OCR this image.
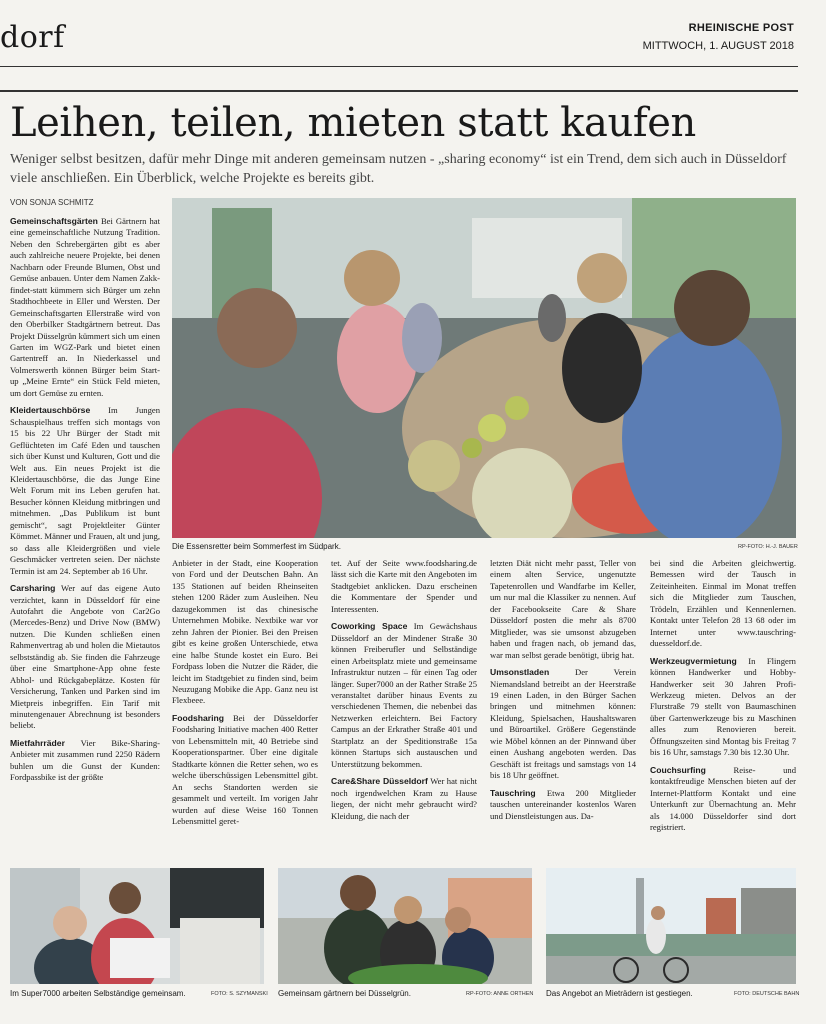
dorf	RHEINISCHE POST
MITTWOCH, 1. AUGUST 2018
Leihen, teilen, mieten statt kaufen
Weniger selbst besitzen, dafür mehr Dinge mit anderen gemeinsam nutzen - „sharing economy“ ist ein Trend, dem sich auch in Düsseldorf viele anschließen. Ein Überblick, welche Projekte es bereits gibt.
VON SONJA SCHMITZ

Gemeinschaftsgärten Bei Gärtnern hat eine gemeinschaftliche Nutzung Tradition. Neben den Schrebergärten gibt es aber auch zahlreiche neuere Projekte, bei denen Nachbarn oder Freunde Blumen, Obst und Gemüse anbauen. Unter dem Namen Zakk-findet-statt kümmern sich Bürger um zehn Stadthochbeete in Eller und Wersten. Der Gemeinschaftsgarten Ellerstraße wird von den Oberbilker Stadtgärtnern betreut. Das Projekt Düsselgrün kümmert sich um einen Garten im WGZ-Park und bietet einen Gartentreff an. In Niederkassel und Volmerswerth können Bürger beim Start-up „Meine Ernte“ ein Stück Feld mieten, um dort Gemüse zu ernten.

Kleidertauschbörse Im Jungen Schauspielhaus treffen sich montags von 15 bis 22 Uhr Bürger der Stadt mit Geflüchteten im Café Eden und tauschen sich über Kunst und Kulturen, Gott und die Welt aus. Ein neues Projekt ist die Kleidertauschbörse, die das Junge Eine Welt Forum mit ins Leben gerufen hat. Besucher können Kleidung mitbringen und mitnehmen. „Das Publikum ist bunt gemischt“, sagt Projektleiter Günter Kömmet. Männer und Frauen, alt und jung, so dass alle Kleidergrößen und viele Geschmäcker vertreten seien. Der nächste Termin ist am 24. September ab 16 Uhr.

Carsharing Wer auf das eigene Auto verzichtet, kann in Düsseldorf für eine Autofahrt die Angebote von Car2Go (Mercedes-Benz) und Drive Now (BMW) nutzen. Die Kunden schließen einen Rahmenvertrag ab und holen die Mietautos selbstständig ab. Sie finden die Fahrzeuge über eine Smartphone-App ohne feste Abhol- und Rückgabeplätze. Kosten für Versicherung, Tanken und Parken sind im Mietpreis inbegriffen. Ein Tarif mit minutengenauer Abrechnung ist besonders beliebt.

Mietfahrräder Vier Bike-Sharing-Anbieter mit zusammen rund 2250 Rädern buhlen um die Gunst der Kunden: Fordpassbike ist der größte

Die Essensretter beim Sommerfest im Südpark.	RP-FOTO: H.-J. BAUER

Anbieter in der Stadt, eine Kooperation von Ford und der Deutschen Bahn. An 135 Stationen auf beiden Rheinseiten stehen 1200 Räder zum Ausleihen. Neu dazugekommen ist das chinesische Unternehmen Mobike. Nextbike war vor zehn Jahren der Pionier. Bei den Preisen gibt es keine großen Unterschiede, etwa eine halbe Stunde kostet ein Euro. Bei Fordpass loben die Nutzer die Räder, die leicht im Stadtgebiet zu finden sind, beim Neuzugang Mobike die App. Ganz neu ist Flexbeee.

Foodsharing Bei der Düsseldorfer Foodsharing Initiative machen 400 Retter von Lebensmitteln mit, 40 Betriebe sind Kooperationspartner. Über eine digitale Stadtkarte können die Retter sehen, wo es welche überschüssigen Lebensmittel gibt. An sechs Standorten werden sie gesammelt und verteilt. Im vorigen Jahr wurden auf diese Weise 160 Tonnen Lebensmittel geret-

tet. Auf der Seite www.foodsharing.de lässt sich die Karte mit den Angeboten im Stadtgebiet anklicken. Dazu erscheinen die Kommentare der Spender und Interessenten.

Coworking Space Im Gewächshaus Düsseldorf an der Mindener Straße 30 können Freiberufler und Selbständige einen Arbeitsplatz miete und gemeinsame Infrastruktur nutzen – für einen Tag oder länger. Super7000 an der Rather Straße 25 veranstaltet darüber hinaus Events zu verschiedenen Themen, die nebenbei das Netzwerken erleichtern. Bei Factory Campus an der Erkrather Straße 401 und Startplatz an der Speditionstraße 15a können Startups sich austauschen und Unterstützung bekommen.

Care&Share Düsseldorf Wer hat nicht noch irgendwelchen Kram zu Hause liegen, der nicht mehr gebraucht wird? Kleidung, die nach der

letzten Diät nicht mehr passt, Teller von einem alten Service, ungenutzte Tapetenrollen und Wandfarbe im Keller, um nur mal die Klassiker zu nennen. Auf der Facebookseite Care & Share Düsseldorf posten die mehr als 8700 Mitglieder, was sie umsonst abzugeben haben und fragen nach, ob jemand das, war man selbst gerade benötigt, übrig hat.

Umsonstladen	Der Verein Niemandsland betreibt an der Heerstraße 19 einen Laden, in den Bürger Sachen bringen und mitnehmen können: Kleidung, Spielsachen, Haushaltswaren und Büroartikel. Größere Gegenstände wie Möbel können an der Pinnwand über einen Aushang angeboten werden. Das Geschäft ist freitags und samstags von 14 bis 18 Uhr geöffnet.

Tauschring Etwa 200 Mitglieder tauschen untereinander kostenlos Waren und Dienstleistungen aus. Da-

bei sind die Arbeiten gleichwertig. Bemessen wird der Tausch in Zeiteinheiten. Einmal im Monat treffen sich die Mitglieder zum Tauschen, Trödeln, Erzählen und Kennenlernen. Kontakt unter Telefon 28 13 68 oder im Internet unter www.tauschring-duesseldorf.de.

Werkzeugvermietung In Flingern können Handwerker und Hobby-Handwerker seit 30 Jahren Profi-Werkzeug mieten. Delvos an der Flurstraße 79 stellt von Baumaschinen über Gartenwerkzeuge bis zu Maschinen alles zum Renovieren bereit. Öffnungszeiten sind Montag bis Freitag 7 bis 16 Uhr, samstags 7.30 bis 12.30 Uhr.

Couchsurfing	Reise- und kontaktfreudige Menschen bieten auf der Internet-Plattform Kontakt und eine Unterkunft zur Übernachtung an. Mehr als 14.000 Düsseldorfer sind dort registriert.

Im Super7000 arbeiten Selbständige gemeinsam.	FOTO: S. SZYMANSKI Gemeinsam gärtnern bei Düsselgrün.	RP-FOTO: ANNE ORTHEN Das Angebot an Mieträdern ist gestiegen.	FOTO: DEUTSCHE BAHN
